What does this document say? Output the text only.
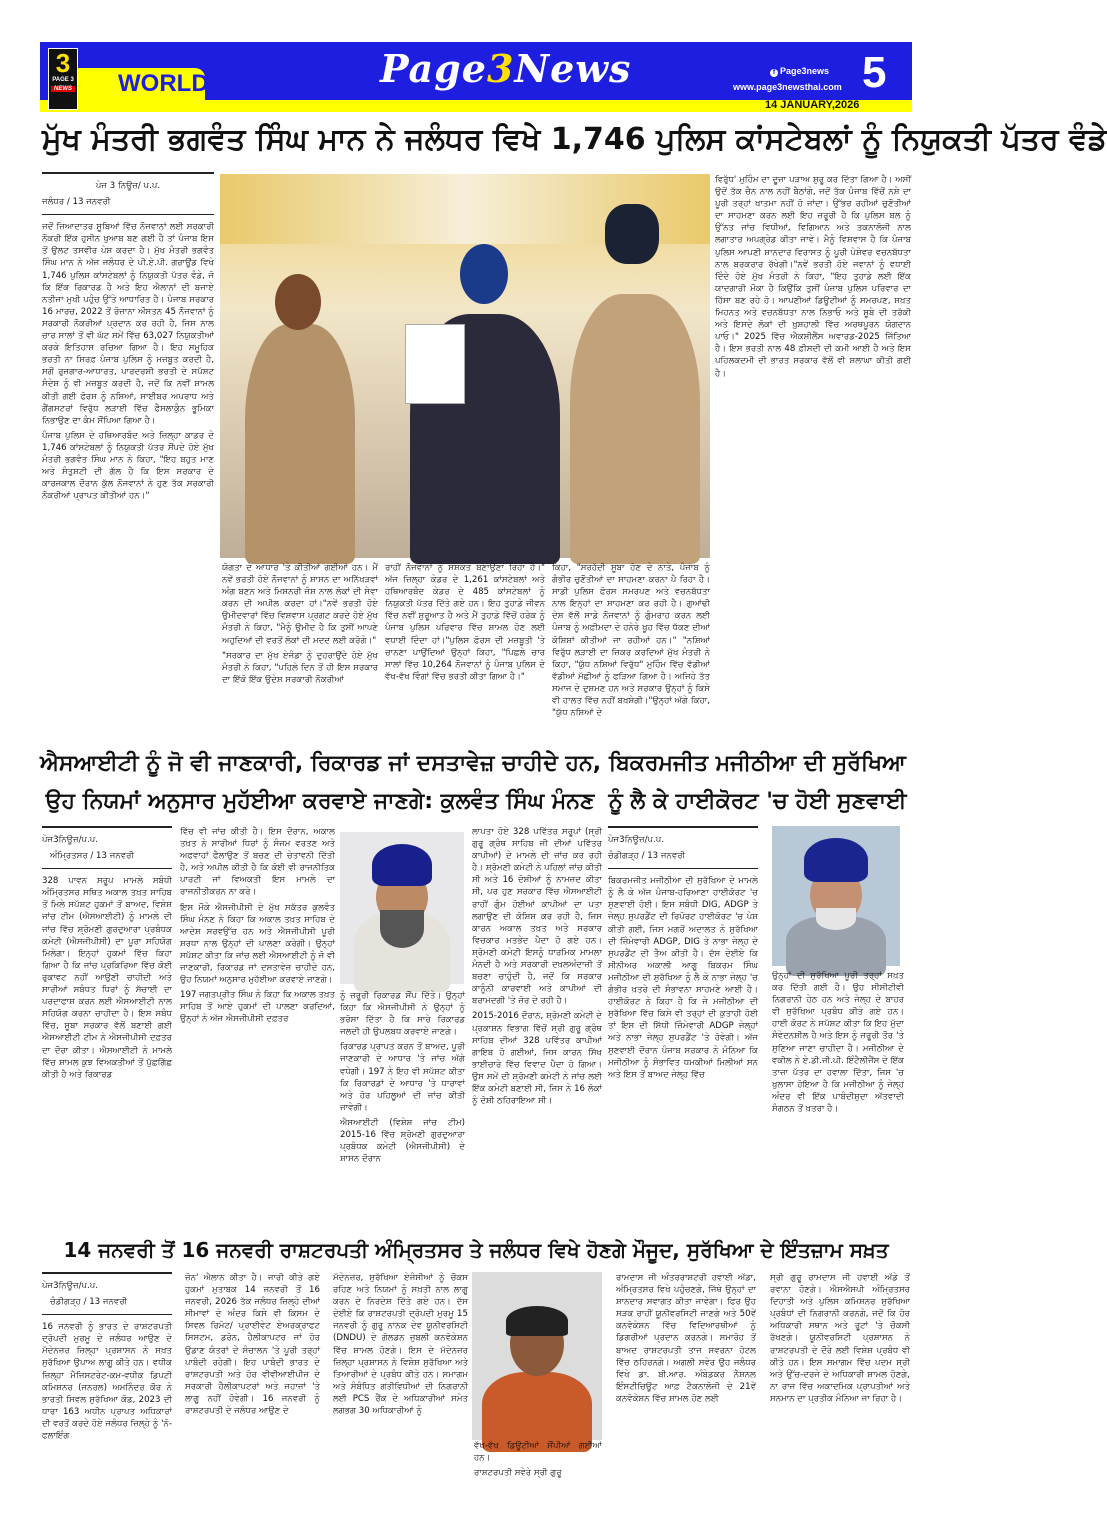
WORLD
3
PAGE 3
NEWS	Page3News	f Page3news
www.page3newsthai.com 5
14 JANUARY,2026
ਮੁੱਖ ਮੰਤਰੀ ਭਗਵੰਤ ਸਿੰਘ ਮਾਨ ਨੇ ਜਲੰਧਰ ਵਿਖੇ 1,746 ਪੁਲਿਸ ਕਾਂਸਟੇਬਲਾਂ ਨੂੰ ਨਿਯੁਕਤੀ ਪੱਤਰ ਵੰਡੇ
ਪੇਜ 3 ਨਿਊਜ਼/ ਪ.ਪ.
ਜਲੰਧਰ / 13 ਜਨਵਰੀ

ਜਦੋਂ ਜ਼ਿਆਦਾਤਰ ਸੂਬਿਆਂ ਵਿੱਚ ਨੌਜਵਾਨਾਂ ਲਈ ਸਰਕਾਰੀ ਨੌਕਰੀ ਇੱਕ ਹੁਸੀਨ ਖੁਆਬ ਬਣ ਗਈ ਹੈ ਤਾਂ ਪੰਜਾਬ ਇਸ ਤੋਂ ਉਲਟ ਤਸਵੀਰ ਪੇਸ਼ ਕਰਦਾ ਹੈ। ਮੁੱਖ ਮੰਤਰੀ ਭਗਵੰਤ ਸਿੰਘ ਮਾਨ ਨੇ ਅੱਜ ਜਲੰਧਰ ਦੇ ਪੀ.ਏ.ਪੀ. ਗਰਾਊਂਡ ਵਿਖੇ 1,746 ਪੁਲਿਸ ਕਾਂਸਟੇਬਲਾਂ ਨੂੰ ਨਿਯੁਕਤੀ ਪੱਤਰ ਵੰਡੇ, ਜੋ ਕਿ ਇੱਕ ਰਿਕਾਰਡ ਹੈ ਅਤੇ ਇਹ ਐਲਾਨਾਂ ਦੀ ਬਜਾਏ ਨਤੀਜਾ ਮੁਖੀ ਪਹੁੰਚ ਉੱਤੇ ਆਧਾਰਿਤ ਹੈ। ਪੰਜਾਬ ਸਰਕਾਰ 16 ਮਾਰਚ, 2022 ਤੋਂ ਰੋਜ਼ਾਨਾ ਔਸਤਨ 45 ਨੌਜਵਾਨਾਂ ਨੂੰ ਸਰਕਾਰੀ ਨੌਕਰੀਆਂ ਪ੍ਰਦਾਨ ਕਰ ਰਹੀ ਹੈ, ਜਿਸ ਨਾਲ ਚਾਰ ਸਾਲਾਂ ਤੋਂ ਵੀ ਘੱਟ ਸਮੇਂ ਵਿੱਚ 63,027 ਨਿਯੁਕਤੀਆਂ ਕਰਕੇ ਇਤਿਹਾਸ ਰਚਿਆ ਗਿਆ ਹੈ। ਇਹ ਸਮੂਹਿਕ ਭਰਤੀ ਨਾ ਸਿਰਫ਼ ਪੰਜਾਬ ਪੁਲਿਸ ਨੂੰ ਮਜ਼ਬੂਤ ਕਰਦੀ ਹੈ, ਸਗੋਂ ਰੁਜ਼ਗਾਰ-ਆਧਾਰਤ, ਪਾਰਦਰਸ਼ੀ ਭਰਤੀ ਦੇ ਸਪੱਸ਼ਟ ਸੰਦੇਸ਼ ਨੂੰ ਵੀ ਮਜ਼ਬੂਤ ਕਰਦੀ ਹੈ, ਜਦੋਂ ਕਿ ਨਵੀਂ ਸ਼ਾਮਲ ਕੀਤੀ ਗਈ ਫੋਰਸ ਨੂੰ ਨਸ਼ਿਆਂ, ਸਾਈਬਰ ਅਪਰਾਧ ਅਤੇ ਗੈਂਗਸਟਰਾਂ ਵਿਰੁੱਧ ਲੜਾਈ ਵਿੱਚ ਫੈਸਲਾਕੁੰਨ ਭੂਮਿਕਾ ਨਿਭਾਉਣ ਦਾ ਕੰਮ ਸੌਂਪਿਆ ਗਿਆ ਹੈ।

ਪੰਜਾਬ ਪੁਲਿਸ ਦੇ ਹਥਿਆਰਬੰਦ ਅਤੇ ਜ਼ਿਲ੍ਹਾ ਕਾਡਰ ਦੇ 1,746 ਕਾਂਸਟੇਬਲਾਂ ਨੂੰ ਨਿਯੁਕਤੀ ਪੱਤਰ ਸੌਂਪਦੇ ਹੋਏ ਮੁੱਖ ਮੰਤਰੀ ਭਗਵੰਤ ਸਿੰਘ ਮਾਨ ਨੇ ਕਿਹਾ, "ਇਹ ਬਹੁਤ ਮਾਣ ਅਤੇ ਸੰਤੁਸ਼ਟੀ ਦੀ ਗੱਲ ਹੈ ਕਿ ਇਸ ਸਰਕਾਰ ਦੇ ਕਾਰਜਕਾਲ ਦੌਰਾਨ ਕੁੱਲ ਨੌਜਵਾਨਾਂ ਨੇ ਹੁਣ ਤੱਕ ਸਰਕਾਰੀ ਨੌਕਰੀਆਂ ਪ੍ਰਾਪਤ ਕੀਤੀਆਂ ਹਨ।"

ਵਿਰੁੱਧ' ਮੁਹਿੰਮ ਦਾ ਦੂਜਾ ਪੜਾਅ ਸ਼ੁਰੂ ਕਰ ਦਿੱਤਾ ਗਿਆ ਹੈ। ਅਸੀਂ ਉਦੋਂ ਤੱਕ ਚੈਨ ਨਾਲ ਨਹੀਂ ਬੈਠਾਂਗੇ, ਜਦੋਂ ਤੱਕ ਪੰਜਾਬ ਵਿੱਚੋਂ ਨਸ਼ੇ ਦਾ ਪੂਰੀ ਤਰ੍ਹਾਂ ਖਾਤਮਾ ਨਹੀਂ ਹੋ ਜਾਂਦਾ। ਉੱਭਰ ਰਹੀਆਂ ਚੁਣੌਤੀਆਂ ਦਾ ਸਾਹਮਣਾ ਕਰਨ ਲਈ ਇਹ ਜ਼ਰੂਰੀ ਹੈ ਕਿ ਪੁਲਿਸ ਬਲ ਨੂੰ ਉੱਨਤ ਜਾਂਚ ਵਿਧੀਆਂ, ਵਿਗਿਆਨ ਅਤੇ ਤਕਨਾਲੋਜੀ ਨਾਲ ਲਗਾਤਾਰ ਅਪਗ੍ਰੇਡ ਕੀਤਾ ਜਾਵੇ। ਮੈਨੂੰ ਵਿਸ਼ਵਾਸ ਹੈ ਕਿ ਪੰਜਾਬ ਪੁਲਿਸ ਆਪਣੀ ਸ਼ਾਨਦਾਰ ਵਿਰਾਸਤ ਨੂੰ ਪੂਰੀ ਪੇਸ਼ੇਵਰ ਵਚਨਬੱਧਤਾ ਨਾਲ ਬਰਕਰਾਰ ਰੱਖੇਗੀ।"ਨਵੇਂ ਭਰਤੀ ਹੋਏ ਜਵਾਨਾਂ ਨੂੰ ਵਧਾਈ ਦਿੰਦੇ ਹੋਏ ਮੁੱਖ ਮੰਤਰੀ ਨੇ ਕਿਹਾ, "ਇਹ ਤੁਹਾਡੇ ਲਈ ਇੱਕ ਯਾਦਗਾਰੀ ਮੌਕਾ ਹੈ ਕਿਉਂਕਿ ਤੁਸੀਂ ਪੰਜਾਬ ਪੁਲਿਸ ਪਰਿਵਾਰ ਦਾ ਹਿੱਸਾ ਬਣ ਰਹੇ ਹੋ। ਆਪਣੀਆਂ ਡਿਊਟੀਆਂ ਨੂੰ ਸਮਰਪਣ, ਸਖ਼ਤ ਮਿਹਨਤ ਅਤੇ ਵਚਨਬੱਧਤਾ ਨਾਲ ਨਿਭਾਓ ਅਤੇ ਸੂਬੇ ਦੀ ਤਰੱਕੀ ਅਤੇ ਇਸਦੇ ਲੋਕਾਂ ਦੀ ਖ਼ੁਸ਼ਹਾਲੀ ਵਿੱਚ ਅਰਥਪੂਰਨ ਯੋਗਦਾਨ ਪਾਓ।" 2025 ਵਿੱਚ ਐਕਸੀਲੈਂਸ ਅਵਾਰਡ-2025 ਜਿੱਤਿਆ ਹੈ। ਇਸ ਭਰਤੀ ਨਾਲ 48 ਫ਼ੀਸਦੀ ਦੀ ਕਮੀ ਆਈ ਹੈ ਅਤੇ ਇਸ ਪਹਿਲਕਦਮੀ ਦੀ ਭਾਰਤ ਸਰਕਾਰ ਵੱਲੋਂ ਵੀ ਸ਼ਲਾਘਾ ਕੀਤੀ ਗਈ ਹੈ।

ਯੋਗਤਾ ਦੇ ਆਧਾਰ 'ਤੇ ਕੀਤੀਆਂ ਗਈਆਂ ਹਨ। ਮੈਂ ਨਵੇਂ ਭਰਤੀ ਹੋਏ ਨੌਜਵਾਨਾਂ ਨੂੰ ਸ਼ਾਸਨ ਦਾ ਅਨਿੱਖੜਵਾਂ ਅੰਗ ਬਣਨ ਅਤੇ ਮਿਸ਼ਨਰੀ ਜੋਸ਼ ਨਾਲ ਲੋਕਾਂ ਦੀ ਸੇਵਾ ਕਰਨ ਦੀ ਅਪੀਲ ਕਰਦਾ ਹਾਂ।"ਨਵੇਂ ਭਰਤੀ ਹੋਏ ਉਮੀਦਵਾਰਾਂ ਵਿੱਚ ਵਿਸ਼ਵਾਸ ਪ੍ਰਗਟ ਕਰਦੇ ਹੋਏ ਮੁੱਖ ਮੰਤਰੀ ਨੇ ਕਿਹਾ, "ਮੈਨੂੰ ਉਮੀਦ ਹੈ ਕਿ ਤੁਸੀਂ ਆਪਣੇ ਅਹੁਦਿਆਂ ਦੀ ਵਰਤੋਂ ਲੋਕਾਂ ਦੀ ਮਦਦ ਲਈ ਕਰੋਗੇ।"

"ਸਰਕਾਰ ਦਾ ਮੁੱਖ ਏਜੰਡਾ ਨੂੰ ਦੁਹਰਾਉਂਦੇ ਹੋਏ ਮੁੱਖ ਮੰਤਰੀ ਨੇ ਕਿਹਾ, "ਪਹਿਲੇ ਦਿਨ ਤੋਂ ਹੀ ਇਸ ਸਰਕਾਰ ਦਾ ਇੱਕੋ ਇੱਕ ਉਦੇਸ਼ ਸਰਕਾਰੀ ਨੌਕਰੀਆਂ

ਰਾਹੀਂ ਨੌਜਵਾਨਾਂ ਨੂੰ ਸਸ਼ਕਤ ਬਣਾਉਣਾ ਰਿਹਾ ਹੈ।" ਅੱਜ ਜ਼ਿਲ੍ਹਾ ਕੇਡਰ ਦੇ 1,261 ਕਾਂਸਟੇਬਲਾਂ ਅਤੇ ਹਥਿਆਰਬੰਦ ਕੇਡਰ ਦੇ 485 ਕਾਂਸਟੇਬਲਾਂ ਨੂੰ ਨਿਯੁਕਤੀ ਪੱਤਰ ਦਿੱਤੇ ਗਏ ਹਨ। ਇਹ ਤੁਹਾਡੇ ਜੀਵਨ ਵਿੱਚ ਨਵੀਂ ਸ਼ੁਰੂਆਤ ਹੈ ਅਤੇ ਮੈਂ ਤੁਹਾਡੇ ਵਿੱਚੋਂ ਹਰੇਕ ਨੂੰ ਪੰਜਾਬ ਪੁਲਿਸ ਪਰਿਵਾਰ ਵਿੱਚ ਸ਼ਾਮਲ ਹੋਣ ਲਈ ਵਧਾਈ ਦਿੰਦਾ ਹਾਂ।"ਪੁਲਿਸ ਫੋਰਸ ਦੀ ਮਜ਼ਬੂਤੀ 'ਤੇ ਚਾਨਣਾ ਪਾਉਂਦਿਆਂ ਉਨ੍ਹਾਂ ਕਿਹਾ, "ਪਿਛਲੇ ਚਾਰ ਸਾਲਾਂ ਵਿੱਚ 10,264 ਨੌਜਵਾਨਾਂ ਨੂੰ ਪੰਜਾਬ ਪੁਲਿਸ ਦੇ ਵੱਖ-ਵੱਖ ਵਿੰਗਾਂ ਵਿੱਚ ਭਰਤੀ ਕੀਤਾ ਗਿਆ ਹੈ।"
ਕਿਹਾ, "ਸਰਹੱਦੀ ਸੂਬਾ ਹੋਣ ਦੇ ਨਾਤੇ, ਪੰਜਾਬ ਨੂੰ ਗੰਭੀਰ ਚੁਣੌਤੀਆਂ ਦਾ ਸਾਹਮਣਾ ਕਰਨਾ ਪੈ ਰਿਹਾ ਹੈ। ਸਾਡੀ ਪੁਲਿਸ ਫੋਰਸ ਸਮਰਪਣ ਅਤੇ ਵਚਨਬੱਧਤਾ ਨਾਲ ਇਨ੍ਹਾਂ ਦਾ ਸਾਹਮਣਾ ਕਰ ਰਹੀ ਹੈ। ਗੁਆਂਢੀ ਦੇਸ਼ ਵੱਲੋਂ ਸਾਡੇ ਨੌਜਵਾਨਾਂ ਨੂੰ ਗੁੰਮਰਾਹ ਕਰਨ ਲਈ ਪੰਜਾਬ ਨੂੰ ਅਫ਼ੀਮਦਾ ਦੇ ਹਨੇਰੇ ਖੂਹ ਵਿੱਚ ਧੱਕਣ ਦੀਆਂ ਕੋਸ਼ਿਸ਼ਾਂ ਕੀਤੀਆਂ ਜਾ ਰਹੀਆਂ ਹਨ।" "ਨਸ਼ਿਆਂ ਵਿਰੁੱਧ ਲੜਾਈ ਦਾ ਜ਼ਿਕਰ ਕਰਦਿਆਂ ਮੁੱਖ ਮੰਤਰੀ ਨੇ ਕਿਹਾ, "ਯੁੱਧ ਨਸ਼ਿਆਂ ਵਿਰੁੱਧ" ਮੁਹਿੰਮ ਵਿੱਚ ਵੱਡੀਆਂ ਵੱਡੀਆਂ ਮੱਛੀਆਂ ਨੂੰ ਫੜਿਆ ਗਿਆ ਹੈ। ਅਜਿਹੇ ਤੱਤ ਸਮਾਜ ਦੇ ਦੁਸ਼ਮਣ ਹਨ ਅਤੇ ਸਰਕਾਰ ਉਨ੍ਹਾਂ ਨੂੰ ਕਿਸੇ ਵੀ ਹਾਲਤ ਵਿੱਚ ਨਹੀਂ ਬਖ਼ਸ਼ੇਗੀ।"ਉਨ੍ਹਾਂ ਅੱਗੇ ਕਿਹਾ, "ਯੁੱਧ ਨਸ਼ਿਆਂ ਦੇ
ਐਸਆਈਟੀ ਨੂੰ ਜੋ ਵੀ ਜਾਣਕਾਰੀ, ਰਿਕਾਰਡ ਜਾਂ ਦਸਤਾਵੇਜ਼ ਚਾਹੀਦੇ ਹਨ,
ਉਹ ਨਿਯਮਾਂ ਅਨੁਸਾਰ ਮੁਹੱਈਆ ਕਰਵਾਏ ਜਾਣਗੇ: ਕੁਲਵੰਤ ਸਿੰਘ ਮੰਨਣ
ਪੇਜ3ਨਿਊਜ਼/ਪ.ਪ.
ਅੰਮ੍ਰਿਤਸਰ / 13 ਜਨਵਰੀ

328 ਪਾਵਨ ਸਰੂਪ ਮਾਮਲੇ ਸਬੰਧੀ ਅੰਮ੍ਰਿਤਸਰ ਸਥਿਤ ਅਕਾਲ ਤਖ਼ਤ ਸਾਹਿਬ ਤੋਂ ਮਿਲੇ ਸਪੱਸ਼ਟ ਹੁਕਮਾਂ ਤੋਂ ਬਾਅਦ, ਵਿਸ਼ੇਸ਼ ਜਾਂਚ ਟੀਮ (ਐਸਆਈਟੀ) ਨੂੰ ਮਾਮਲੇ ਦੀ ਜਾਂਚ ਵਿੱਚ ਸ਼੍ਰੋਮਣੀ ਗੁਰਦੁਆਰਾ ਪ੍ਰਬੰਧਕ ਕਮੇਟੀ (ਐਸਜੀਪੀਸੀ) ਦਾ ਪੂਰਾ ਸਹਿਯੋਗ ਮਿਲੇਗਾ। ਇਨ੍ਹਾਂ ਹੁਕਮਾਂ ਵਿੱਚ ਕਿਹਾ ਗਿਆ ਹੈ ਕਿ ਜਾਂਚ ਪ੍ਰਕਿਰਿਆ ਵਿੱਚ ਕੋਈ ਰੁਕਾਵਟ ਨਹੀਂ ਆਉਣੀ ਚਾਹੀਦੀ ਅਤੇ ਸਾਰੀਆਂ ਸਬੰਧਤ ਧਿਰਾਂ ਨੂੰ ਸੱਚਾਈ ਦਾ ਪਰਦਾਫਾਸ਼ ਕਰਨ ਲਈ ਐਸਆਈਟੀ ਨਾਲ ਸਹਿਯੋਗ ਕਰਨਾ ਚਾਹੀਦਾ ਹੈ। ਇਸ ਸਬੰਧ ਵਿੱਚ, ਸੂਬਾ ਸਰਕਾਰ ਵੱਲੋਂ ਬਣਾਈ ਗਈ ਐਸਆਈਟੀ ਟੀਮ ਨੇ ਐਸਜੀਪੀਸੀ ਦਫ਼ਤਰ ਦਾ ਦੌਰਾ ਕੀਤਾ। ਐਸਆਈਟੀ ਨੇ ਮਾਮਲੇ ਵਿੱਚ ਸ਼ਾਮਲ ਕੁਝ ਵਿਅਕਤੀਆਂ ਤੋਂ ਪੁੱਛਗਿੱਛ ਕੀਤੀ ਹੈ ਅਤੇ ਰਿਕਾਰਡ

ਵਿੱਚ ਵੀ ਜਾਂਚ ਕੀਤੀ ਹੈ। ਇਸ ਦੌਰਾਨ, ਅਕਾਲ ਤਖ਼ਤ ਨੇ ਸਾਰੀਆਂ ਧਿਰਾਂ ਨੂੰ ਸੰਜਮ ਵਰਤਣ ਅਤੇ ਅਫਵਾਹਾਂ ਫੈਲਾਉਣ ਤੋਂ ਬਚਣ ਦੀ ਚੇਤਾਵਨੀ ਦਿੱਤੀ ਹੈ, ਅਤੇ ਅਪੀਲ ਕੀਤੀ ਹੈ ਕਿ ਕੋਈ ਵੀ ਰਾਜਨੀਤਿਕ ਪਾਰਟੀ ਜਾਂ ਵਿਅਕਤੀ ਇਸ ਮਾਮਲੇ ਦਾ ਰਾਜਨੀਤੀਕਰਨ ਨਾ ਕਰੇ।

ਇਸ ਮੌਕੇ ਐਸਜੀਪੀਸੀ ਦੇ ਮੁੱਖ ਸਕੱਤਰ ਕੁਲਵੰਤ ਸਿੰਘ ਮੰਨਣ ਨੇ ਕਿਹਾ ਕਿ ਅਕਾਲ ਤਖ਼ਤ ਸਾਹਿਬ ਦੇ ਆਦੇਸ਼ ਸਰਵਉੱਚ ਹਨ ਅਤੇ ਐਸਜੀਪੀਸੀ ਪੂਰੀ ਸ਼ਰਧਾ ਨਾਲ ਉਨ੍ਹਾਂ ਦੀ ਪਾਲਣਾ ਕਰੇਗੀ। ਉਨ੍ਹਾਂ ਸਪੱਸ਼ਟ ਕੀਤਾ ਕਿ ਜਾਂਚ ਲਈ ਐਸਆਈਟੀ ਨੂੰ ਜੋ ਵੀ ਜਾਣਕਾਰੀ, ਰਿਕਾਰਡ ਜਾਂ ਦਸਤਾਵੇਜ਼ ਚਾਹੀਦੇ ਹਨ, ਉਹ ਨਿਯਮਾਂ ਅਨੁਸਾਰ ਮੁਹੱਈਆ ਕਰਵਾਏ ਜਾਣਗੇ।

197 ਜਗਤਪ੍ਰੀਤ ਸਿੰਘ ਨੇ ਕਿਹਾ ਕਿ ਅਕਾਲ ਤਖ਼ਤ ਸਾਹਿਬ ਤੋਂ ਆਏ ਹੁਕਮਾਂ ਦੀ ਪਾਲਣਾ ਕਰਦਿਆਂ, ਉਨ੍ਹਾਂ ਨੇ ਅੱਜ ਐਸਜੀਪੀਸੀ ਦਫ਼ਤਰ

ਨੂੰ ਜ਼ਰੂਰੀ ਰਿਕਾਰਡ ਸੌਂਪ ਦਿੱਤੇ। ਉਨ੍ਹਾਂ ਕਿਹਾ ਕਿ ਐਸਜੀਪੀਸੀ ਨੇ ਉਨ੍ਹਾਂ ਨੂੰ ਭਰੋਸਾ ਦਿੱਤਾ ਹੈ ਕਿ ਸਾਰੇ ਰਿਕਾਰਡ ਜਲਦੀ ਹੀ ਉਪਲਬਧ ਕਰਵਾਏ ਜਾਣਗੇ।

ਰਿਕਾਰਡ ਪ੍ਰਾਪਤ ਕਰਨ ਤੋਂ ਬਾਅਦ, ਪੂਰੀ ਜਾਣਕਾਰੀ ਦੇ ਆਧਾਰ 'ਤੇ ਜਾਂਚ ਅੱਗੇ ਵਧੇਗੀ। 197 ਨੇ ਇਹ ਵੀ ਸਪੱਸ਼ਟ ਕੀਤਾ ਕਿ ਰਿਕਾਰਡਾਂ ਦੇ ਆਧਾਰ 'ਤੇ ਧਾਰਾਵਾਂ ਅਤੇ ਹੋਰ ਪਹਿਲੂਆਂ ਦੀ ਜਾਂਚ ਕੀਤੀ ਜਾਵੇਗੀ।

ਐਸਆਈਟੀ (ਵਿਸ਼ੇਸ਼ ਜਾਂਚ ਟੀਮ) 2015-16 ਵਿੱਚ ਸ਼੍ਰੋਮਣੀ ਗੁਰਦੁਆਰਾ ਪ੍ਰਬੰਧਕ ਕਮੇਟੀ (ਐਸਜੀਪੀਸੀ) ਦੇ ਸ਼ਾਸਨ ਦੌਰਾਨ

ਲਾਪਤਾ ਹੋਏ 328 ਪਵਿੱਤਰ ਸਰੂਪਾਂ (ਸ੍ਰੀ ਗੁਰੂ ਗ੍ਰੰਥ ਸਾਹਿਬ ਜੀ ਦੀਆਂ ਪਵਿੱਤਰ ਕਾਪੀਆਂ) ਦੇ ਮਾਮਲੇ ਦੀ ਜਾਂਚ ਕਰ ਰਹੀ ਹੈ। ਸ਼੍ਰੋਮਣੀ ਕਮੇਟੀ ਨੇ ਪਹਿਲਾਂ ਜਾਂਚ ਕੀਤੀ ਸੀ ਅਤੇ 16 ਦੋਸ਼ੀਆਂ ਨੂੰ ਨਾਮਜ਼ਦ ਕੀਤਾ ਸੀ, ਪਰ ਹੁਣ ਸਰਕਾਰ ਵਿੱਚ ਐਸਆਈਟੀ ਰਾਹੀਂ ਗੁੰਮ ਹੋਈਆਂ ਕਾਪੀਆਂ ਦਾ ਪਤਾ ਲਗਾਉਣ ਦੀ ਕੋਸ਼ਿਸ਼ ਕਰ ਰਹੀ ਹੈ, ਜਿਸ ਕਾਰਨ ਅਕਾਲ ਤਖ਼ਤ ਅਤੇ ਸਰਕਾਰ ਵਿਚਕਾਰ ਮਤਭੇਦ ਪੈਦਾ ਹੋ ਗਏ ਹਨ। ਸ਼੍ਰੋਮਣੀ ਕਮੇਟੀ ਇਸਨੂੰ ਧਾਰਮਿਕ ਮਾਮਲਾ ਮੰਨਦੀ ਹੈ ਅਤੇ ਸਰਕਾਰੀ ਦਖ਼ਲਅੰਦਾਜ਼ੀ ਤੋਂ ਬਚਣਾ ਚਾਹੁੰਦੀ ਹੈ, ਜਦੋਂ ਕਿ ਸਰਕਾਰ ਕਾਨੂੰਨੀ ਕਾਰਵਾਈ ਅਤੇ ਕਾਪੀਆਂ ਦੀ ਬਰਾਮਦਗੀ 'ਤੇ ਜ਼ੋਰ ਦੇ ਰਹੀ ਹੈ।

2015-2016 ਦੌਰਾਨ, ਸ਼੍ਰੋਮਣੀ ਕਮੇਟੀ ਦੇ ਪ੍ਰਕਾਸ਼ਨ ਵਿਭਾਗ ਵਿੱਚੋਂ ਸ੍ਰੀ ਗੁਰੂ ਗ੍ਰੰਥ ਸਾਹਿਬ ਦੀਆਂ 328 ਪਵਿੱਤਰ ਕਾਪੀਆਂ ਗਾਇਬ ਹੋ ਗਈਆਂ, ਜਿਸ ਕਾਰਨ ਸਿੱਖ ਭਾਈਚਾਰੇ ਵਿੱਚ ਵਿਵਾਦ ਪੈਦਾ ਹੋ ਗਿਆ। ਉਸ ਸਮੇਂ ਦੀ ਸ਼੍ਰੋਮਣੀ ਕਮੇਟੀ ਨੇ ਜਾਂਚ ਲਈ ਇੱਕ ਕਮੇਟੀ ਬਣਾਈ ਸੀ, ਜਿਸ ਨੇ 16 ਲੋਕਾਂ ਨੂੰ ਦੋਸ਼ੀ ਠਹਿਰਾਇਆ ਸੀ।

ਬਿਕਰਮਜੀਤ ਮਜੀਠੀਆ ਦੀ ਸੁਰੱਖਿਆ
ਨੂੰ ਲੈ ਕੇ ਹਾਈਕੋਰਟ 'ਚ ਹੋਈ ਸੁਣਵਾਈ
ਪੇਜ3ਨਿਊਜ਼/ਪ.ਪ.
ਚੰਡੀਗੜ੍ਹ / 13 ਜਨਵਰੀ

ਬਿਕਰਮਜੀਤ ਮਜੀਠੀਆ ਦੀ ਸੁਰੱਖਿਆ ਦੇ ਮਾਮਲੇ ਨੂੰ ਲੈ ਕੇ ਅੱਜ ਪੰਜਾਬ-ਹਰਿਆਣਾ ਹਾਈਕੋਰਟ 'ਚ ਸੁਣਵਾਈ ਹੋਈ। ਇਸ ਸਬੰਧੀ DIG, ADGP ਤੇ ਜੇਲ੍ਹ ਸੁਪਰਡੈਂਟ ਦੀ ਰਿਪੋਰਟ ਹਾਈਕੋਰਟ 'ਚ ਪੇਸ਼ ਕੀਤੀ ਗਈ, ਜਿਸ ਮਗਰੋਂ ਅਦਾਲਤ ਨੇ ਸੁਰੱਖਿਆ ਦੀ ਜ਼ਿੰਮੇਵਾਰੀ ADGP, DIG ਤੇ ਨਾਭਾ ਜੇਲ੍ਹ ਦੇ ਸੁਪਰਡੈਂਟ ਦੀ ਤੈਅ ਕੀਤੀ ਹੈ। ਦੱਸ ਦੇਈਏ ਕਿ ਸੀਨੀਅਰ ਅਕਾਲੀ ਆਗੂ ਬਿਕਰਮ ਸਿੰਘ ਮਜੀਠੀਆ ਦੀ ਸੁਰੱਖਿਆ ਨੂੰ ਲੈ ਕੇ ਨਾਭਾ ਜੇਲ੍ਹ 'ਚ ਗੰਭੀਰ ਖ਼ਤਰੇ ਦੀ ਸੰਭਾਵਨਾ ਸਾਹਮਣੇ ਆਈ ਹੈ। ਹਾਈਕੋਰਟ ਨੇ ਕਿਹਾ ਹੈ ਕਿ ਜੇ ਮਜੀਠੀਆ ਦੀ ਸੁਰੱਖਿਆ ਵਿੱਚ ਕਿਸੇ ਵੀ ਤਰ੍ਹਾਂ ਦੀ ਕੁਤਾਹੀ ਹੋਈ ਤਾਂ ਇਸ ਦੀ ਸਿੱਧੀ ਜ਼ਿੰਮੇਵਾਰੀ ADGP ਜੇਲ੍ਹਾਂ ਅਤੇ ਨਾਭਾ ਜੇਲ੍ਹ ਸੁਪਰਡੈਂਟ 'ਤੇ ਹੋਵੇਗੀ। ਅੱਜ ਸੁਣਵਾਈ ਦੌਰਾਨ ਪੰਜਾਬ ਸਰਕਾਰ ਨੇ ਮੰਨਿਆ ਕਿ ਮਜੀਠੀਆ ਨੂੰ ਸੰਭਾਵਿਤ ਧਮਕੀਆਂ ਮਿਲੀਆਂ ਸਨ ਅਤੇ ਇਸ ਤੋਂ ਬਾਅਦ ਜੇਲ੍ਹ ਵਿੱਚ

ਉਨ੍ਹਾਂ ਦੀ ਸੁਰੱਖਿਆ ਪੂਰੀ ਤਰ੍ਹਾਂ ਸਖ਼ਤ ਕਰ ਦਿੱਤੀ ਗਈ ਹੈ। ਉਹ ਸੀਸੀਟੀਵੀ ਨਿਗਰਾਨੀ ਹੇਠ ਹਨ ਅਤੇ ਜੇਲ੍ਹ ਦੇ ਬਾਹਰ ਵੀ ਸੁਰੱਖਿਆ ਪ੍ਰਬੰਧ ਕੀਤੇ ਗਏ ਹਨ। ਹਾਈ ਕੋਰਟ ਨੇ ਸਪੱਸ਼ਟ ਕੀਤਾ ਕਿ ਇਹ ਮੁੱਦਾ ਸੰਵੇਦਨਸ਼ੀਲ ਹੈ ਅਤੇ ਇਸ ਨੂੰ ਜ਼ਰੂਰੀ ਤੌਰ 'ਤੇ ਸੁਣਿਆ ਜਾਣਾ ਚਾਹੀਦਾ ਹੈ। ਮਜੀਠੀਆ ਦੇ ਵਕੀਲ ਨੇ ਏ.ਡੀ.ਜੀ.ਪੀ. ਇੰਟੈਲੀਜੈਂਸ ਦੇ ਇੱਕ ਤਾਜ਼ਾ ਪੱਤਰ ਦਾ ਹਵਾਲਾ ਦਿੱਤਾ, ਜਿਸ 'ਚ ਖੁਲਾਸਾ ਹੋਇਆ ਹੈ ਕਿ ਮਜੀਠੀਆ ਨੂੰ ਜੇਲ੍ਹ ਅੰਦਰ ਵੀ ਇੱਕ ਪਾਬੰਦੀਸ਼ੁਦਾ ਅੱਤਵਾਦੀ ਸੰਗਠਨ ਤੋਂ ਖ਼ਤਰਾ ਹੈ।
14 ਜਨਵਰੀ ਤੋਂ 16 ਜਨਵਰੀ ਰਾਸ਼ਟਰਪਤੀ ਅੰਮ੍ਰਿਤਸਰ ਤੇ ਜਲੰਧਰ ਵਿਖੇ ਹੋਣਗੇ ਮੌਜੂਦ, ਸੁਰੱਖਿਆ ਦੇ ਇੰਤਜ਼ਾਮ ਸਖ਼ਤ
ਪੇਜ3ਨਿਊਜ਼/ਪ.ਪ.
ਚੰਡੀਗੜ੍ਹ / 13 ਜਨਵਰੀ

16 ਜਨਵਰੀ ਨੂੰ ਭਾਰਤ ਦੇ ਰਾਸ਼ਟਰਪਤੀ ਦ੍ਰੋਪਦੀ ਮੁਰਮੂ ਦੇ ਜਲੰਧਰ ਆਉਣ ਦੇ ਮੱਦੇਨਜ਼ਰ ਜ਼ਿਲ੍ਹਾ ਪ੍ਰਸ਼ਾਸਨ ਨੇ ਸਖ਼ਤ ਸੁਰੱਖਿਆ ਉਪਾਅ ਲਾਗੂ ਕੀਤੇ ਹਨ। ਵਧੀਕ ਜ਼ਿਲ੍ਹਾ ਮੈਜਿਸਟਰੇਟ-ਕਮ-ਵਧੀਕ ਡਿਪਟੀ ਕਮਿਸ਼ਨਰ (ਜਨਰਲ) ਅਮਨਿੰਦਰ ਕੌਰ ਨੇ ਭਾਰਤੀ ਸਿਵਲ ਸੁਰੱਖਿਆ ਕੋਡ, 2023 ਦੀ ਧਾਰਾ 163 ਅਧੀਨ ਪ੍ਰਾਪਤ ਅਧਿਕਾਰਾਂ ਦੀ ਵਰਤੋਂ ਕਰਦੇ ਹੋਏ ਜਲੰਧਰ ਜ਼ਿਲ੍ਹੇ ਨੂੰ 'ਨੋ-ਫਲਾਇੰਗ

ਜ਼ੋਨ' ਐਲਾਨ ਕੀਤਾ ਹੈ। ਜਾਰੀ ਕੀਤੇ ਗਏ ਹੁਕਮਾਂ ਮੁਤਾਬਕ 14 ਜਨਵਰੀ ਤੋਂ 16 ਜਨਵਰੀ, 2026 ਤੱਕ ਜਲੰਧਰ ਜ਼ਿਲ੍ਹੇ ਦੀਆਂ ਸੀਮਾਵਾਂ ਦੇ ਅੰਦਰ ਕਿਸੇ ਵੀ ਕਿਸਮ ਦੇ ਸਿਵਲ ਰਿਮੋਟ/ ਪ੍ਰਾਈਵੇਟ ਏਅਰਕ੍ਰਾਫਟ ਸਿਸਟਮ, ਡਰੋਨ, ਹੈਲੀਕਾਪਟਰ ਜਾਂ ਹੋਰ ਉਡਾਣ ਯੰਤਰਾਂ ਦੇ ਸੰਚਾਲਨ 'ਤੇ ਪੂਰੀ ਤਰ੍ਹਾਂ ਪਾਬੰਦੀ ਰਹੇਗੀ। ਇਹ ਪਾਬੰਦੀ ਭਾਰਤ ਦੇ ਰਾਸ਼ਟਰਪਤੀ ਅਤੇ ਹੋਰ ਵੀਵੀਆਈਪੀਜ਼ ਦੇ ਸਰਕਾਰੀ ਹੈਲੀਕਾਪਟਰਾਂ ਅਤੇ ਜਹਾਜ਼ਾਂ 'ਤੇ ਲਾਗੂ ਨਹੀਂ ਹੋਵੇਗੀ। 16 ਜਨਵਰੀ ਨੂੰ ਰਾਸ਼ਟਰਪਤੀ ਦੇ ਜਲੰਧਰ ਆਉਣ ਦੇ
ਮੱਦੇਨਜ਼ਰ, ਸੁਰੱਖਿਆ ਏਜੰਸੀਆਂ ਨੂੰ ਚੌਕਸ ਰਹਿਣ ਅਤੇ ਨਿਯਮਾਂ ਨੂੰ ਸਖ਼ਤੀ ਨਾਲ ਲਾਗੂ ਕਰਨ ਦੇ ਨਿਰਦੇਸ਼ ਦਿੱਤੇ ਗਏ ਹਨ। ਦੱਸ ਦੇਈਏ ਕਿ ਰਾਸ਼ਟਰਪਤੀ ਦ੍ਰੋਪਦੀ ਮੁਰਮੂ 15 ਜਨਵਰੀ ਨੂੰ ਗੁਰੂ ਨਾਨਕ ਦੇਵ ਯੂਨੀਵਰਸਿਟੀ (DNDU) ਦੇ ਗੋਲਡਨ ਜੁਬਲੀ ਕਨਵੋਕੇਸ਼ਨ ਵਿੱਚ ਸ਼ਾਮਲ ਹੋਣਗੇ। ਇਸ ਦੇ ਮੱਦੇਨਜ਼ਰ ਜ਼ਿਲ੍ਹਾ ਪ੍ਰਸ਼ਾਸਨ ਨੇ ਵਿਸ਼ੇਸ਼ ਸੁਰੱਖਿਆ ਅਤੇ ਤਿਆਰੀਆਂ ਦੇ ਪ੍ਰਬੰਧ ਕੀਤੇ ਹਨ। ਸਮਾਗਮ ਅਤੇ ਸੰਬੰਧਿਤ ਗਤੀਵਿਧੀਆਂ ਦੀ ਨਿਗਰਾਨੀ ਲਈ PCS ਰੈਂਕ ਦੇ ਅਧਿਕਾਰੀਆਂ ਸਮੇਤ ਲਗਭਗ 30 ਅਧਿਕਾਰੀਆਂ ਨੂੰ

ਵੱਖ-ਵੱਖ ਡਿਊਟੀਆਂ ਸੌਂਪੀਆਂ ਗਈਆਂ ਹਨ।

ਰਾਸ਼ਟਰਪਤੀ ਸਵੇਰੇ ਸ੍ਰੀ ਗੁਰੂ

ਰਾਮਦਾਸ ਜੀ ਅੰਤਰਰਾਸ਼ਟਰੀ ਹਵਾਈ ਅੱਡਾ, ਅੰਮ੍ਰਿਤਸਰ ਵਿਖੇ ਪਹੁੰਚਣਗੇ, ਜਿੱਥੇ ਉਨ੍ਹਾਂ ਦਾ ਸ਼ਾਨਦਾਰ ਸਵਾਗਤ ਕੀਤਾ ਜਾਵੇਗਾ। ਫਿਰ ਉਹ ਸੜਕ ਰਾਹੀਂ ਯੂਨੀਵਰਸਿਟੀ ਜਾਣਗੇ ਅਤੇ 50ਵੇਂ ਕਨਵੋਕੇਸ਼ਨ ਵਿੱਚ ਵਿਦਿਆਰਥੀਆਂ ਨੂੰ ਡਿਗਰੀਆਂ ਪ੍ਰਦਾਨ ਕਰਨਗੇ। ਸਮਾਰੋਹ ਤੋਂ ਬਾਅਦ ਰਾਸ਼ਟਰਪਤੀ ਤਾਜ ਸਵਰਨਾ ਹੋਟਲ ਵਿੱਚ ਠਹਿਰਨਗੇ। ਅਗਲੀ ਸਵੇਰ ਉਹ ਜਲੰਧਰ ਵਿਖੇ ਡਾ. ਬੀ.ਆਰ. ਅੰਬੇਡਕਰ ਨੈਸ਼ਨਲ ਇੰਸਟੀਚਿਊਟ ਆਫ਼ ਟੈਕਨਾਲੋਜੀ ਦੇ 21ਵੇਂ ਕਨਵੋਕੇਸ਼ਨ ਵਿੱਚ ਸ਼ਾਮਲ ਹੋਣ ਲਈ
ਸ੍ਰੀ ਗੁਰੂ ਰਾਮਦਾਸ ਜੀ ਹਵਾਈ ਅੱਡੇ ਤੋਂ ਰਵਾਨਾ ਹੋਣਗੇ। ਐਸਐਸਪੀ ਅੰਮ੍ਰਿਤਸਰ ਦਿਹਾਤੀ ਅਤੇ ਪੁਲਿਸ ਕਮਿਸ਼ਨਰ ਸੁਰੱਖਿਆ ਪ੍ਰਬੰਧਾਂ ਦੀ ਨਿਗਰਾਨੀ ਕਰਨਗੇ, ਜਦੋਂ ਕਿ ਹੋਰ ਅਧਿਕਾਰੀ ਸਥਾਨ ਅਤੇ ਰੂਟਾਂ 'ਤੇ ਚੌਕਸੀ ਰੱਖਣਗੇ। ਯੂਨੀਵਰਸਿਟੀ ਪ੍ਰਸ਼ਾਸਨ ਨੇ ਰਾਸ਼ਟਰਪਤੀ ਦੇ ਦੌਰੇ ਲਈ ਵਿਸ਼ੇਸ਼ ਪ੍ਰਬੰਧ ਵੀ ਕੀਤੇ ਹਨ। ਇਸ ਸਮਾਗਮ ਵਿੱਚ ਪਦਮ ਸ੍ਰੀ ਅਤੇ ਉੱਚ-ਦਰਜੇ ਦੇ ਅਧਿਕਾਰੀ ਸ਼ਾਮਲ ਹੋਣਗੇ, ਨਾ ਰਾਜ ਵਿੱਚ ਅਕਾਦਮਿਕ ਪ੍ਰਾਪਤੀਆਂ ਅਤੇ ਸਨਮਾਨ ਦਾ ਪ੍ਰਤੀਕ ਮੰਨਿਆ ਜਾ ਰਿਹਾ ਹੈ।
